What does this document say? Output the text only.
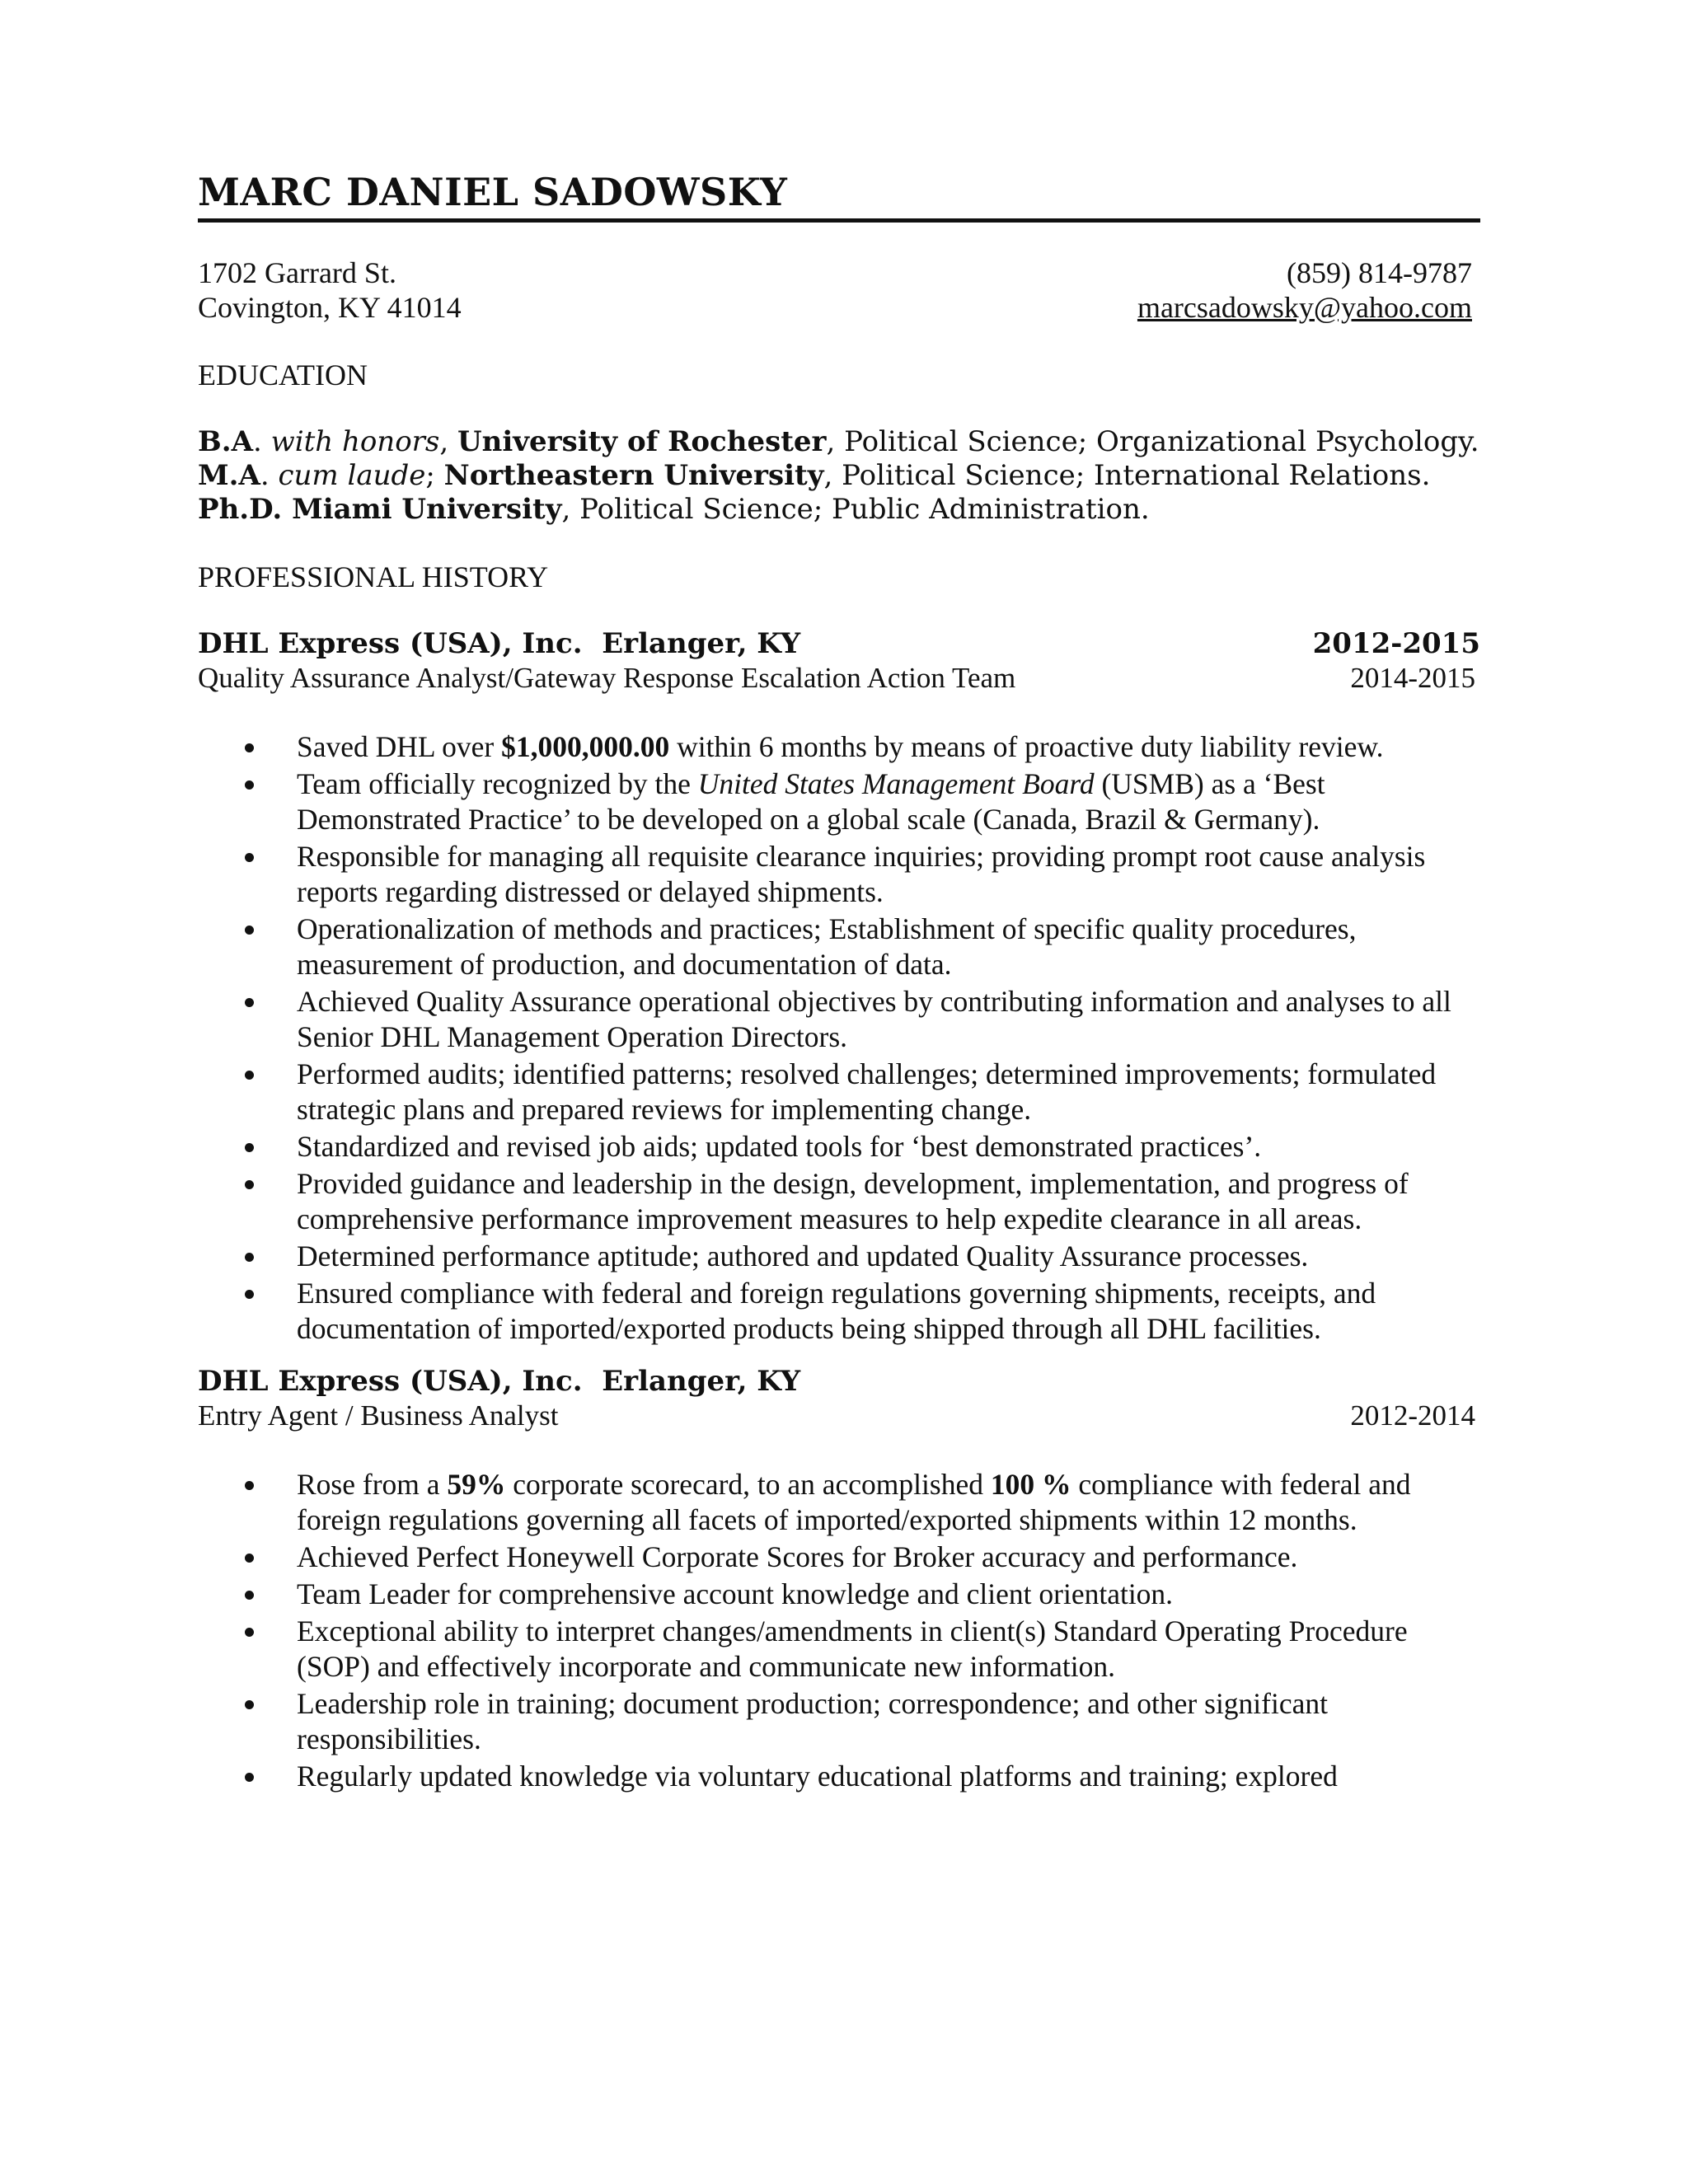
MARC DANIEL SADOWSKY
1702 Garrard St.
Covington, KY 41014
(859) 814-9787
marcsadowsky@yahoo.com
EDUCATION
B.A. with honors, University of Rochester, Political Science; Organizational Psychology.
M.A. cum laude; Northeastern University, Political Science; International Relations.
Ph.D. Miami University, Political Science; Public Administration.
PROFESSIONAL HISTORY
DHL Express (USA), Inc.  Erlanger, KY	2012-2015
Quality Assurance Analyst/Gateway Response Escalation Action Team	2014-2015
Saved DHL over $1,000,000.00 within 6 months by means of proactive duty liability review.
Team officially recognized by the United States Management Board (USMB) as a ‘Best Demonstrated Practice’ to be developed on a global scale (Canada, Brazil & Germany).
Responsible for managing all requisite clearance inquiries; providing prompt root cause analysis reports regarding distressed or delayed shipments.
Operationalization of methods and practices; Establishment of specific quality procedures, measurement of production, and documentation of data.
Achieved Quality Assurance operational objectives by contributing information and analyses to all Senior DHL Management Operation Directors.
Performed audits; identified patterns; resolved challenges; determined improvements; formulated strategic plans and prepared reviews for implementing change.
Standardized and revised job aids; updated tools for ‘best demonstrated practices’.
Provided guidance and leadership in the design, development, implementation, and progress of comprehensive performance improvement measures to help expedite clearance in all areas.
Determined performance aptitude; authored and updated Quality Assurance processes.
Ensured compliance with federal and foreign regulations governing shipments, receipts, and documentation of imported/exported products being shipped through all DHL facilities.
DHL Express (USA), Inc.  Erlanger, KY
Entry Agent / Business Analyst	2012-2014
Rose from a 59% corporate scorecard, to an accomplished 100 % compliance with federal and foreign regulations governing all facets of imported/exported shipments within 12 months.
Achieved Perfect Honeywell Corporate Scores for Broker accuracy and performance.
Team Leader for comprehensive account knowledge and client orientation.
Exceptional ability to interpret changes/amendments in client(s) Standard Operating Procedure (SOP) and effectively incorporate and communicate new information.
Leadership role in training; document production; correspondence; and other significant responsibilities.
Regularly updated knowledge via voluntary educational platforms and training; explored
